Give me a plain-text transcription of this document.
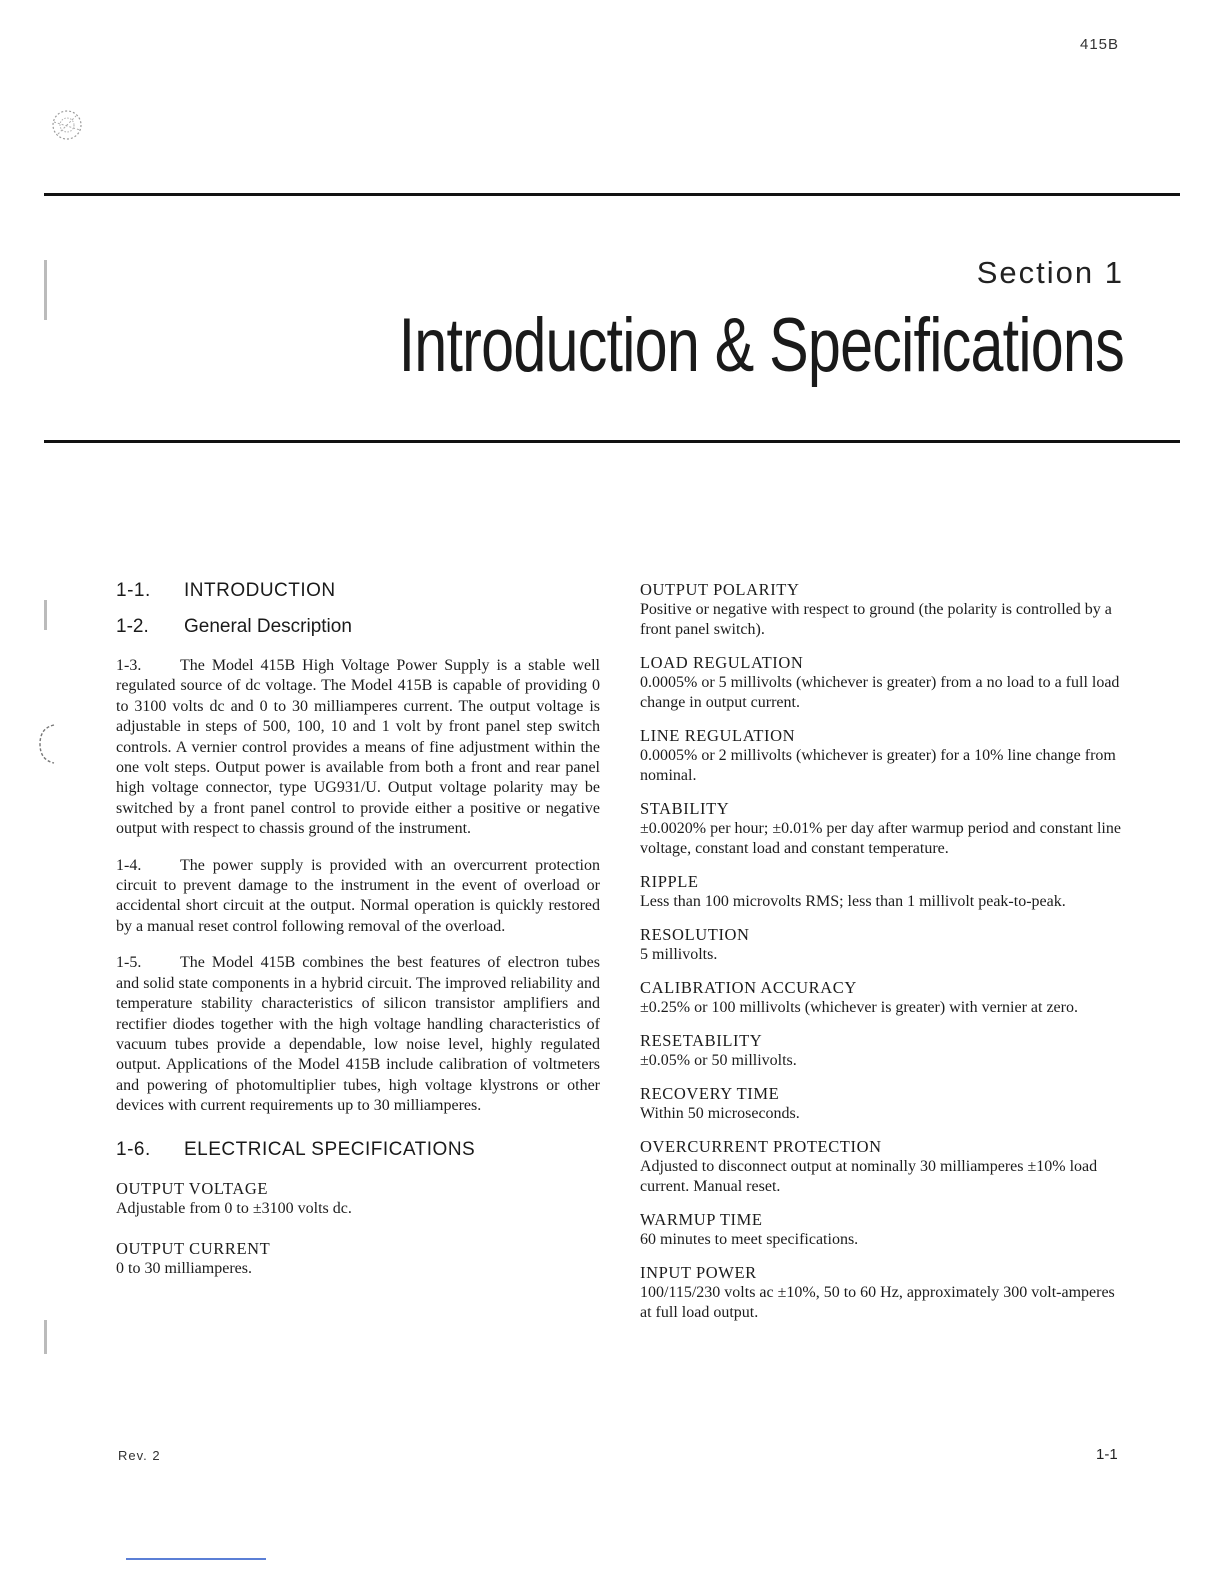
415B
Section 1
Introduction & Specifications
1-1. INTRODUCTION
1-2. General Description

1-3. The Model 415B High Voltage Power Supply is a stable well regulated source of dc voltage. The Model 415B is capable of providing 0 to 3100 volts dc and 0 to 30 milliamperes current. The output voltage is adjustable in steps of 500, 100, 10 and 1 volt by front panel step switch controls. A vernier control provides a means of fine adjustment within the one volt steps. Output power is available from both a front and rear panel high voltage connector, type UG931/U. Output voltage polarity may be switched by a front panel control to provide either a positive or negative output with respect to chassis ground of the instrument.

1-4. The power supply is provided with an overcurrent protection circuit to prevent damage to the instrument in the event of overload or accidental short circuit at the output. Normal operation is quickly restored by a manual reset control following removal of the overload.

1-5. The Model 415B combines the best features of electron tubes and solid state components in a hybrid circuit. The improved reliability and temperature stability characteristics of silicon transistor amplifiers and rectifier diodes together with the high voltage handling characteristics of vacuum tubes provide a dependable, low noise level, highly regulated output. Applications of the Model 415B include calibration of voltmeters and powering of photomultiplier tubes, high voltage klystrons or other devices with current requirements up to 30 milliamperes.

1-6. ELECTRICAL SPECIFICATIONS
OUTPUT VOLTAGE
Adjustable from 0 to ±3100 volts dc.
OUTPUT CURRENT
0 to 30 milliamperes.
OUTPUT POLARITY
Positive or negative with respect to ground (the polarity is controlled by a front panel switch).
LOAD REGULATION
0.0005% or 5 millivolts (whichever is greater) from a no load to a full load change in output current.
LINE REGULATION
0.0005% or 2 millivolts (whichever is greater) for a 10% line change from nominal.
STABILITY
±0.0020% per hour; ±0.01% per day after warmup period and constant line voltage, constant load and constant temperature.
RIPPLE
Less than 100 microvolts RMS; less than 1 millivolt peak-to-peak.
RESOLUTION
5 millivolts.
CALIBRATION ACCURACY
±0.25% or 100 millivolts (whichever is greater) with vernier at zero.
RESETABILITY
±0.05% or 50 millivolts.
RECOVERY TIME
Within 50 microseconds.
OVERCURRENT PROTECTION
Adjusted to disconnect output at nominally 30 milliamperes ±10% load current. Manual reset.
WARMUP TIME
60 minutes to meet specifications.
INPUT POWER
100/115/230 volts ac ±10%, 50 to 60 Hz, approximately 300 volt-amperes at full load output.
Rev. 2	1-1
